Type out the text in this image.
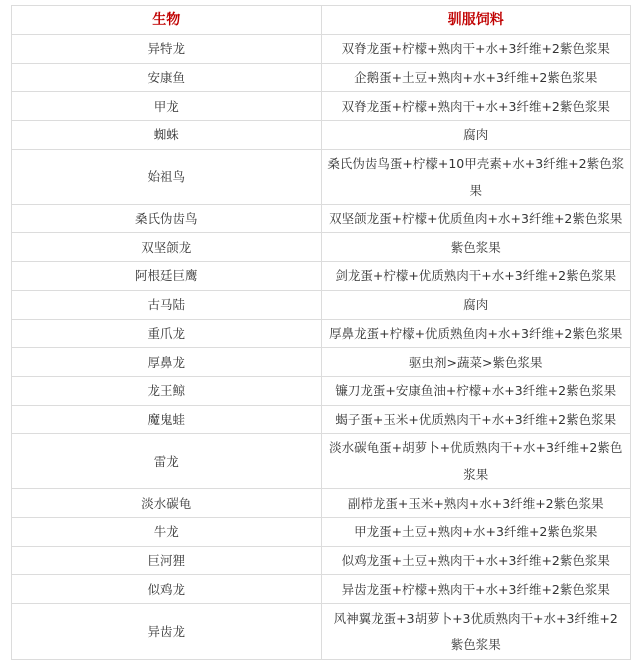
生物	驯服饲料
异特龙	双脊龙蛋+柠檬+熟肉干+水+3纤维+2紫色浆果
安康鱼	企鹅蛋+土豆+熟肉+水+3纤维+2紫色浆果
甲龙	双脊龙蛋+柠檬+熟肉干+水+3纤维+2紫色浆果
蜘蛛	腐肉
始祖鸟	桑氏伪齿鸟蛋+柠檬+10甲壳素+水+3纤维+2紫色浆果
桑氏伪齿鸟	双坚颌龙蛋+柠檬+优质鱼肉+水+3纤维+2紫色浆果
双坚颌龙	紫色浆果
阿根廷巨鹰	剑龙蛋+柠檬+优质熟肉干+水+3纤维+2紫色浆果
古马陆	腐肉
重爪龙	厚鼻龙蛋+柠檬+优质熟鱼肉+水+3纤维+2紫色浆果
厚鼻龙	驱虫剂>蔬菜>紫色浆果
龙王鲸	镰刀龙蛋+安康鱼油+柠檬+水+3纤维+2紫色浆果
魔鬼蛙	蝎子蛋+玉米+优质熟肉干+水+3纤维+2紫色浆果
雷龙	淡水碳龟蛋+胡萝卜+优质熟肉干+水+3纤维+2紫色浆果
淡水碳龟	副栉龙蛋+玉米+熟肉+水+3纤维+2紫色浆果
牛龙	甲龙蛋+土豆+熟肉+水+3纤维+2紫色浆果
巨河狸	似鸡龙蛋+土豆+熟肉干+水+3纤维+2紫色浆果
似鸡龙	异齿龙蛋+柠檬+熟肉干+水+3纤维+2紫色浆果
异齿龙	风神翼龙蛋+3胡萝卜+3优质熟肉干+水+3纤维+2紫色浆果
